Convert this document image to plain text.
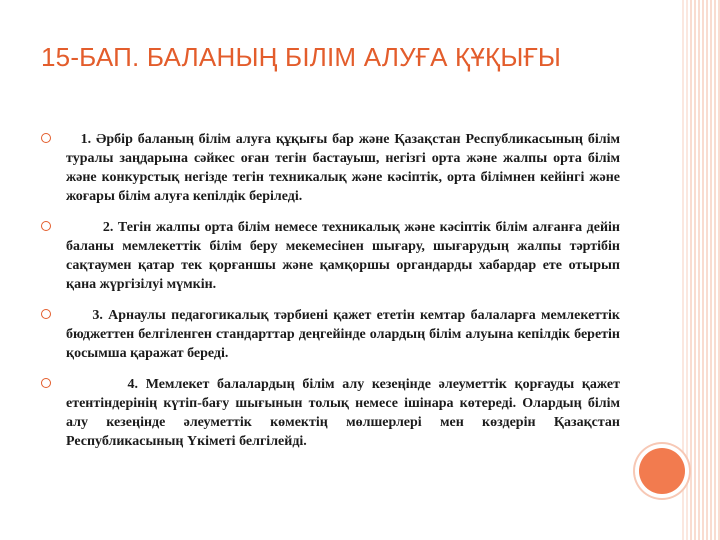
15-БАП. БАЛАНЫҢ БІЛІМ АЛУҒА ҚҰҚЫҒЫ
1. Әрбір баланың білім алуға құқығы бар және Қазақстан Республикасының білім туралы заңдарына сәйкес оған тегін бастауыш, негізгі орта және жалпы орта білім және конкурстық негізде тегін техникалық және кәсіптік, орта білімнен кейінгі және жоғары білім алуға кепілдік беріледі.
2. Тегін жалпы орта білім немесе техникалық және кәсіптік білім алғанға дейін баланы мемлекеттік білім беру мекемесінен шығару, шығарудың жалпы тәртібін сақтаумен қатар тек қорғаншы және қамқоршы органдарды хабардар ете отырып қана жүргізілуі мүмкін.
3. Арнаулы педагогикалық тәрбиені қажет ететін кемтар балаларға мемлекеттік бюджеттен белгіленген стандарттар деңгейінде олардың білім алуына кепілдік беретін қосымша қаражат береді.
4. Мемлекет балалардың білім алу кезеңінде әлеуметтік қорғауды қажет етентіндерінің күтіп-бағу шығынын толық немесе ішінара көтереді. Олардың білім алу кезеңінде әлеуметтік көмектің мөлшерлері мен көздерін Қазақстан Республикасының Үкіметі белгілейді.
